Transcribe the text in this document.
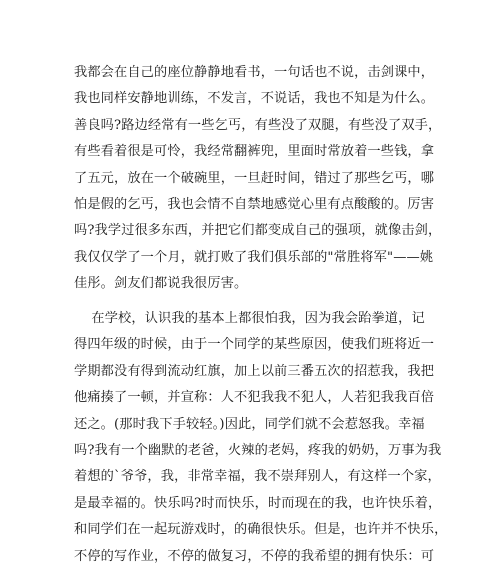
我都会在自己的座位静静地看书，一句话也不说，击剑课中，
我也同样安静地训练，不发言，不说话，我也不知是为什么。
善良吗?路边经常有一些乞丐，有些没了双腿，有些没了双手，
有些看着很是可怜，我经常翻裤兜，里面时常放着一些钱，拿
了五元，放在一个破碗里，一旦赶时间，错过了那些乞丐，哪
怕是假的乞丐，我也会情不自禁地感觉心里有点酸酸的。厉害
吗?我学过很多东西，并把它们都变成自己的强项，就像击剑，
我仅仅学了一个月，就打败了我们俱乐部的"常胜将军"——姚
佳彤。剑友们都说我很厉害。
在学校，认识我的基本上都很怕我，因为我会跆拳道，记
得四年级的时候，由于一个同学的某些原因，使我们班将近一
学期都没有得到流动红旗，加上以前三番五次的招惹我，我把
他痛揍了一顿，并宣称：人不犯我我不犯人，人若犯我我百倍
还之。(那时我下手较轻。)因此，同学们就不会惹怒我。幸福
吗?我有一个幽默的老爸，火辣的老妈，疼我的奶奶，万事为我
着想的`爷爷，我，非常幸福，我不崇拜别人，有这样一个家，
是最幸福的。快乐吗?时而快乐，时而现在的我，也许快乐着，
和同学们在一起玩游戏时，的确很快乐。但是，也许并不快乐，
不停的写作业，不停的做复习，不停的我希望的拥有快乐：可
